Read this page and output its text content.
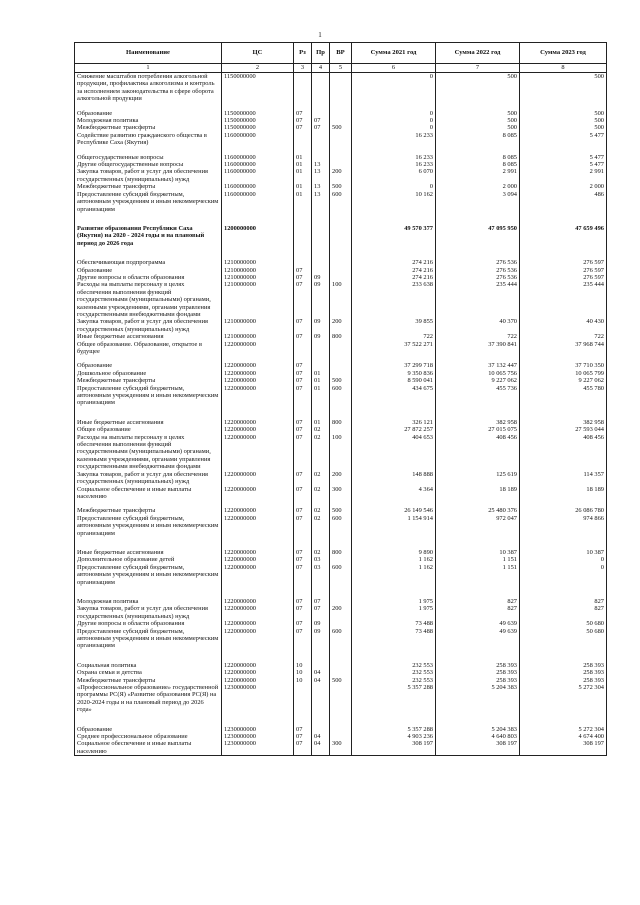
1
Наименование	ЦС	Рз	Пр	ВР	Сумма 2021 год	Сумма 2022 год	Сумма 2023 год
1	2	3	4	5	6	7	8
Снижение масштабов потребления алкогольной продукции, профилактика алкоголизма и контроль за исполнением законодательства в сфере оборота алкогольной продукции	1150000000				0	500	500

Образование	1150000000	07			0	500	500
Молодежная политика	1150000000	07	07		0	500	500
Межбюджетные трансферты	1150000000	07	07	500	0	500	500
Содействие развитию гражданского общества в Республике Саха (Якутия)	1160000000				16 233	8 085	5 477

Общегосударственные вопросы	1160000000	01			16 233	8 085	5 477
Другие общегосударственные вопросы	1160000000	01	13		16 233	8 085	5 477
Закупка товаров, работ и услуг для обеспечения государственных (муниципальных) нужд	1160000000	01	13	200	6 070	2 991	2 991
Межбюджетные трансферты	1160000000	01	13	500	0	2 000	2 000
Предоставление субсидий бюджетным, автономным учреждениям и иным некоммерческим организациям	1160000000	01	13	600	10 162	3 094	486

Развитие образования Республики Саха (Якутия) на 2020 - 2024 годы и на плановый период до 2026 года	1200000000				49 570 377	47 095 950	47 659 496

Обеспечивающая подпрограмма	1210000000				274 216	276 536	276 597
Образование	1210000000	07			274 216	276 536	276 597
Другие вопросы в области образования	1210000000	07	09		274 216	276 536	276 597
Расходы на выплаты персоналу в целях обеспечения выполнения функций государственными (муниципальными) органами, казенными учреждениями, органами управления государственными внебюджетными фондами	1210000000	07	09	100	233 638	235 444	235 444
Закупка товаров, работ и услуг для обеспечения государственных (муниципальных) нужд	1210000000	07	09	200	39 855	40 370	40 430
Иные бюджетные ассигнования	1210000000	07	09	800	722	722	722
Общее образование. Образование, открытое в будущее	1220000000				37 522 271	37 390 841	37 968 744

Образование	1220000000	07			37 299 718	37 132 447	37 710 350
Дошкольное образование	1220000000	07	01		9 350 836	10 065 756	10 065 799
Межбюджетные трансферты	1220000000	07	01	500	8 590 041	9 227 062	9 227 062
Предоставление субсидий бюджетным, автономным учреждениям и иным некоммерческим организациям	1220000000	07	01	600	434 675	455 736	455 780

Иные бюджетные ассигнования	1220000000	07	01	800	326 121	382 958	382 958
Общее образование	1220000000	07	02		27 872 257	27 015 075	27 593 044
Расходы на выплаты персоналу в целях обеспечения выполнения функций государственными (муниципальными) органами, казенными учреждениями, органами управления государственными внебюджетными фондами	1220000000	07	02	100	404 653	408 456	408 456
Закупка товаров, работ и услуг для обеспечения государственных (муниципальных) нужд	1220000000	07	02	200	148 888	125 619	114 357
Социальное обеспечение и иные выплаты населению	1220000000	07	02	300	4 364	18 189	18 189

Межбюджетные трансферты	1220000000	07	02	500	26 149 546	25 480 376	26 086 780
Предоставление субсидий бюджетным, автономным учреждениям и иным некоммерческим организациям	1220000000	07	02	600	1 154 914	972 047	974 866

Иные бюджетные ассигнования	1220000000	07	02	800	9 890	10 387	10 387
Дополнительное образование детей	1220000000	07	03		1 162	1 151	0
Предоставление субсидий бюджетным, автономным учреждениям и иным некоммерческим организациям	1220000000	07	03	600	1 162	1 151	0

Молодежная политика	1220000000	07	07		1 975	827	827
Закупка товаров, работ и услуг для обеспечения государственных (муниципальных) нужд	1220000000	07	07	200	1 975	827	827
Другие вопросы в области образования	1220000000	07	09		73 488	49 639	50 680
Предоставление субсидий бюджетным, автономным учреждениям и иным некоммерческим организациям	1220000000	07	09	600	73 488	49 639	50 680

Социальная политика	1220000000	10			232 553	258 393	258 393
Охрана семьи и детства	1220000000	10	04		232 553	258 393	258 393
Межбюджетные трансферты	1220000000	10	04	500	232 553	258 393	258 393
«Профессиональное образование» государственной программы РС(Я) «Развитие образования РС(Я) на 2020-2024 годы и на плановый период до 2026 года»	1230000000				5 357 288	5 204 383	5 272 304

Образование	1230000000	07			5 357 288	5 204 383	5 272 304
Среднее профессиональное образование	1230000000	07	04		4 903 236	4 640 803	4 674 400
Социальное обеспечение и иные выплаты населению	1230000000	07	04	300	308 197	308 197	308 197
